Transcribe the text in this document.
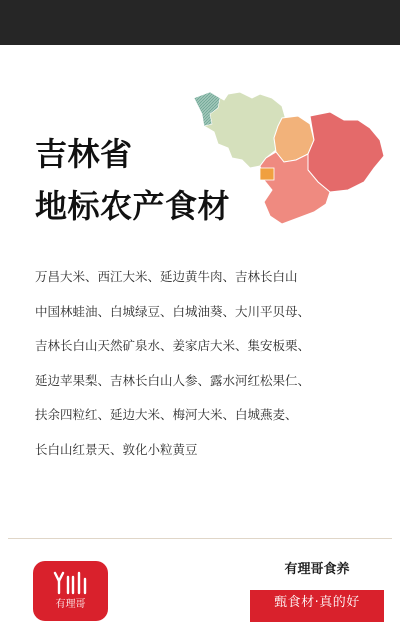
吉林省
地标农产食材
万昌大米、西江大米、延边黄牛肉、吉林长白山
中国林蛙油、白城绿豆、白城油葵、大川平贝母、
吉林长白山天然矿泉水、姜家店大米、集安板栗、
延边苹果梨、吉林长白山人参、露水河红松果仁、
扶余四粒红、延边大米、梅河大米、白城燕麦、
长白山红景天、敦化小粒黄豆
有理哥
有理哥食养
甄食材·真的好
